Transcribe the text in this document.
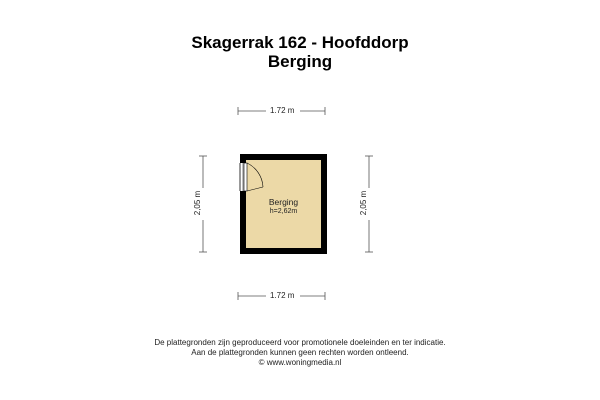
Skagerrak 162 - Hoofddorp
Berging
1.72 m
1.72 m
2,05 m	2,05 m
Berging
h=2,62m
De plattegronden zijn geproduceerd voor promotionele doeleinden en ter indicatie.
Aan de plattegronden kunnen geen rechten worden ontleend.
© www.woningmedia.nl
